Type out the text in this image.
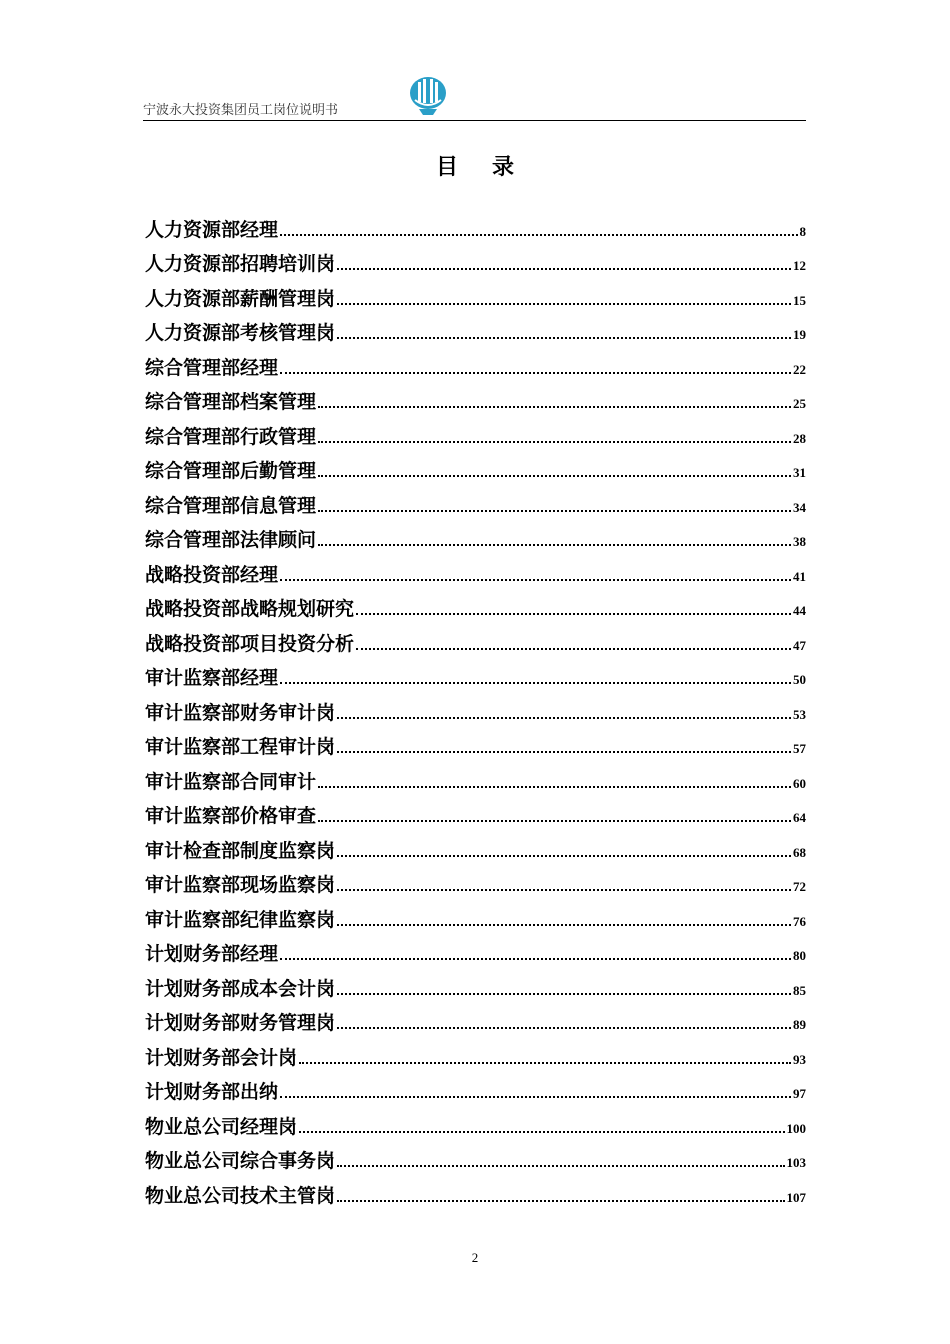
宁波永大投资集团员工岗位说明书
目录
人力资源部经理	8
人力资源部招聘培训岗	12
人力资源部薪酬管理岗	15
人力资源部考核管理岗	19
综合管理部经理	22
综合管理部档案管理	25
综合管理部行政管理	28
综合管理部后勤管理	31
综合管理部信息管理	34
综合管理部法律顾问	38
战略投资部经理	41
战略投资部战略规划研究	44
战略投资部项目投资分析	47
审计监察部经理	50
审计监察部财务审计岗	53
审计监察部工程审计岗	57
审计监察部合同审计	60
审计监察部价格审查	64
审计检查部制度监察岗	68
审计监察部现场监察岗	72
审计监察部纪律监察岗	76
计划财务部经理	80
计划财务部成本会计岗	85
计划财务部财务管理岗	89
计划财务部会计岗	93
计划财务部出纳	97
物业总公司经理岗	100
物业总公司综合事务岗	103
物业总公司技术主管岗	107
2
